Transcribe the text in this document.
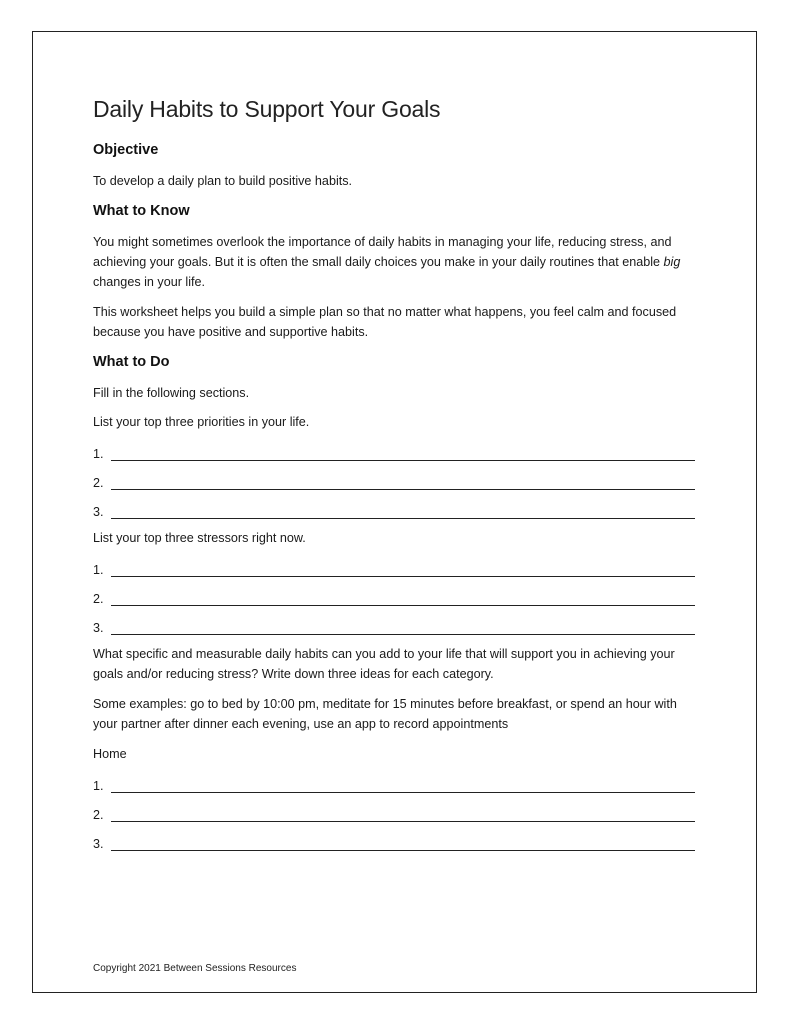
Daily Habits to Support Your Goals
Objective

To develop a daily plan to build positive habits.

What to Know

You might sometimes overlook the importance of daily habits in managing your life, reducing stress, and achieving your goals. But it is often the small daily choices you make in your daily routines that enable big changes in your life.

This worksheet helps you build a simple plan so that no matter what happens, you feel calm and focused because you have positive and supportive habits.

What to Do

Fill in the following sections.

List your top three priorities in your life.

1.
2.
3.

List your top three stressors right now.

1.
2.
3.

What specific and measurable daily habits can you add to your life that will support you in achieving your goals and/or reducing stress? Write down three ideas for each category.

Some examples: go to bed by 10:00 pm, meditate for 15 minutes before breakfast, or spend an hour with your partner after dinner each evening, use an app to record appointments

Home

1.
2.
3.
Copyright 2021 Between Sessions Resources
